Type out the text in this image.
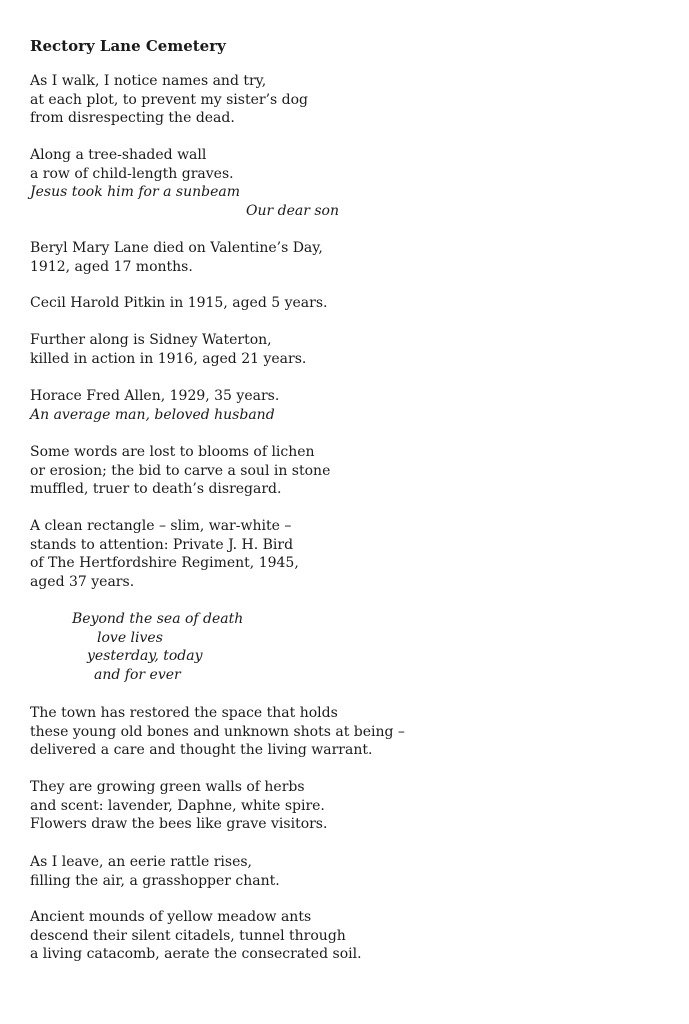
Rectory Lane Cemetery
As I walk, I notice names and try,
at each plot, to prevent my sister’s dog
from disrespecting the dead.
Along a tree-shaded wall
a row of child-length graves.
Jesus took him for a sunbeam
Our dear son
Beryl Mary Lane died on Valentine’s Day,
1912, aged 17 months.
Cecil Harold Pitkin in 1915, aged 5 years.
Further along is Sidney Waterton,
killed in action in 1916, aged 21 years.
Horace Fred Allen, 1929, 35 years.
An average man, beloved husband
Some words are lost to blooms of lichen
or erosion; the bid to carve a soul in stone
muffled, truer to death’s disregard.
A clean rectangle – slim, war-white –
stands to attention: Private J. H. Bird
of The Hertfordshire Regiment, 1945,
aged 37 years.
Beyond the sea of death
love lives
yesterday, today
and for ever
The town has restored the space that holds
these young old bones and unknown shots at being –
delivered a care and thought the living warrant.
They are growing green walls of herbs
and scent: lavender, Daphne, white spire.
Flowers draw the bees like grave visitors.
As I leave, an eerie rattle rises,
filling the air, a grasshopper chant.
Ancient mounds of yellow meadow ants
descend their silent citadels, tunnel through
a living catacomb, aerate the consecrated soil.
